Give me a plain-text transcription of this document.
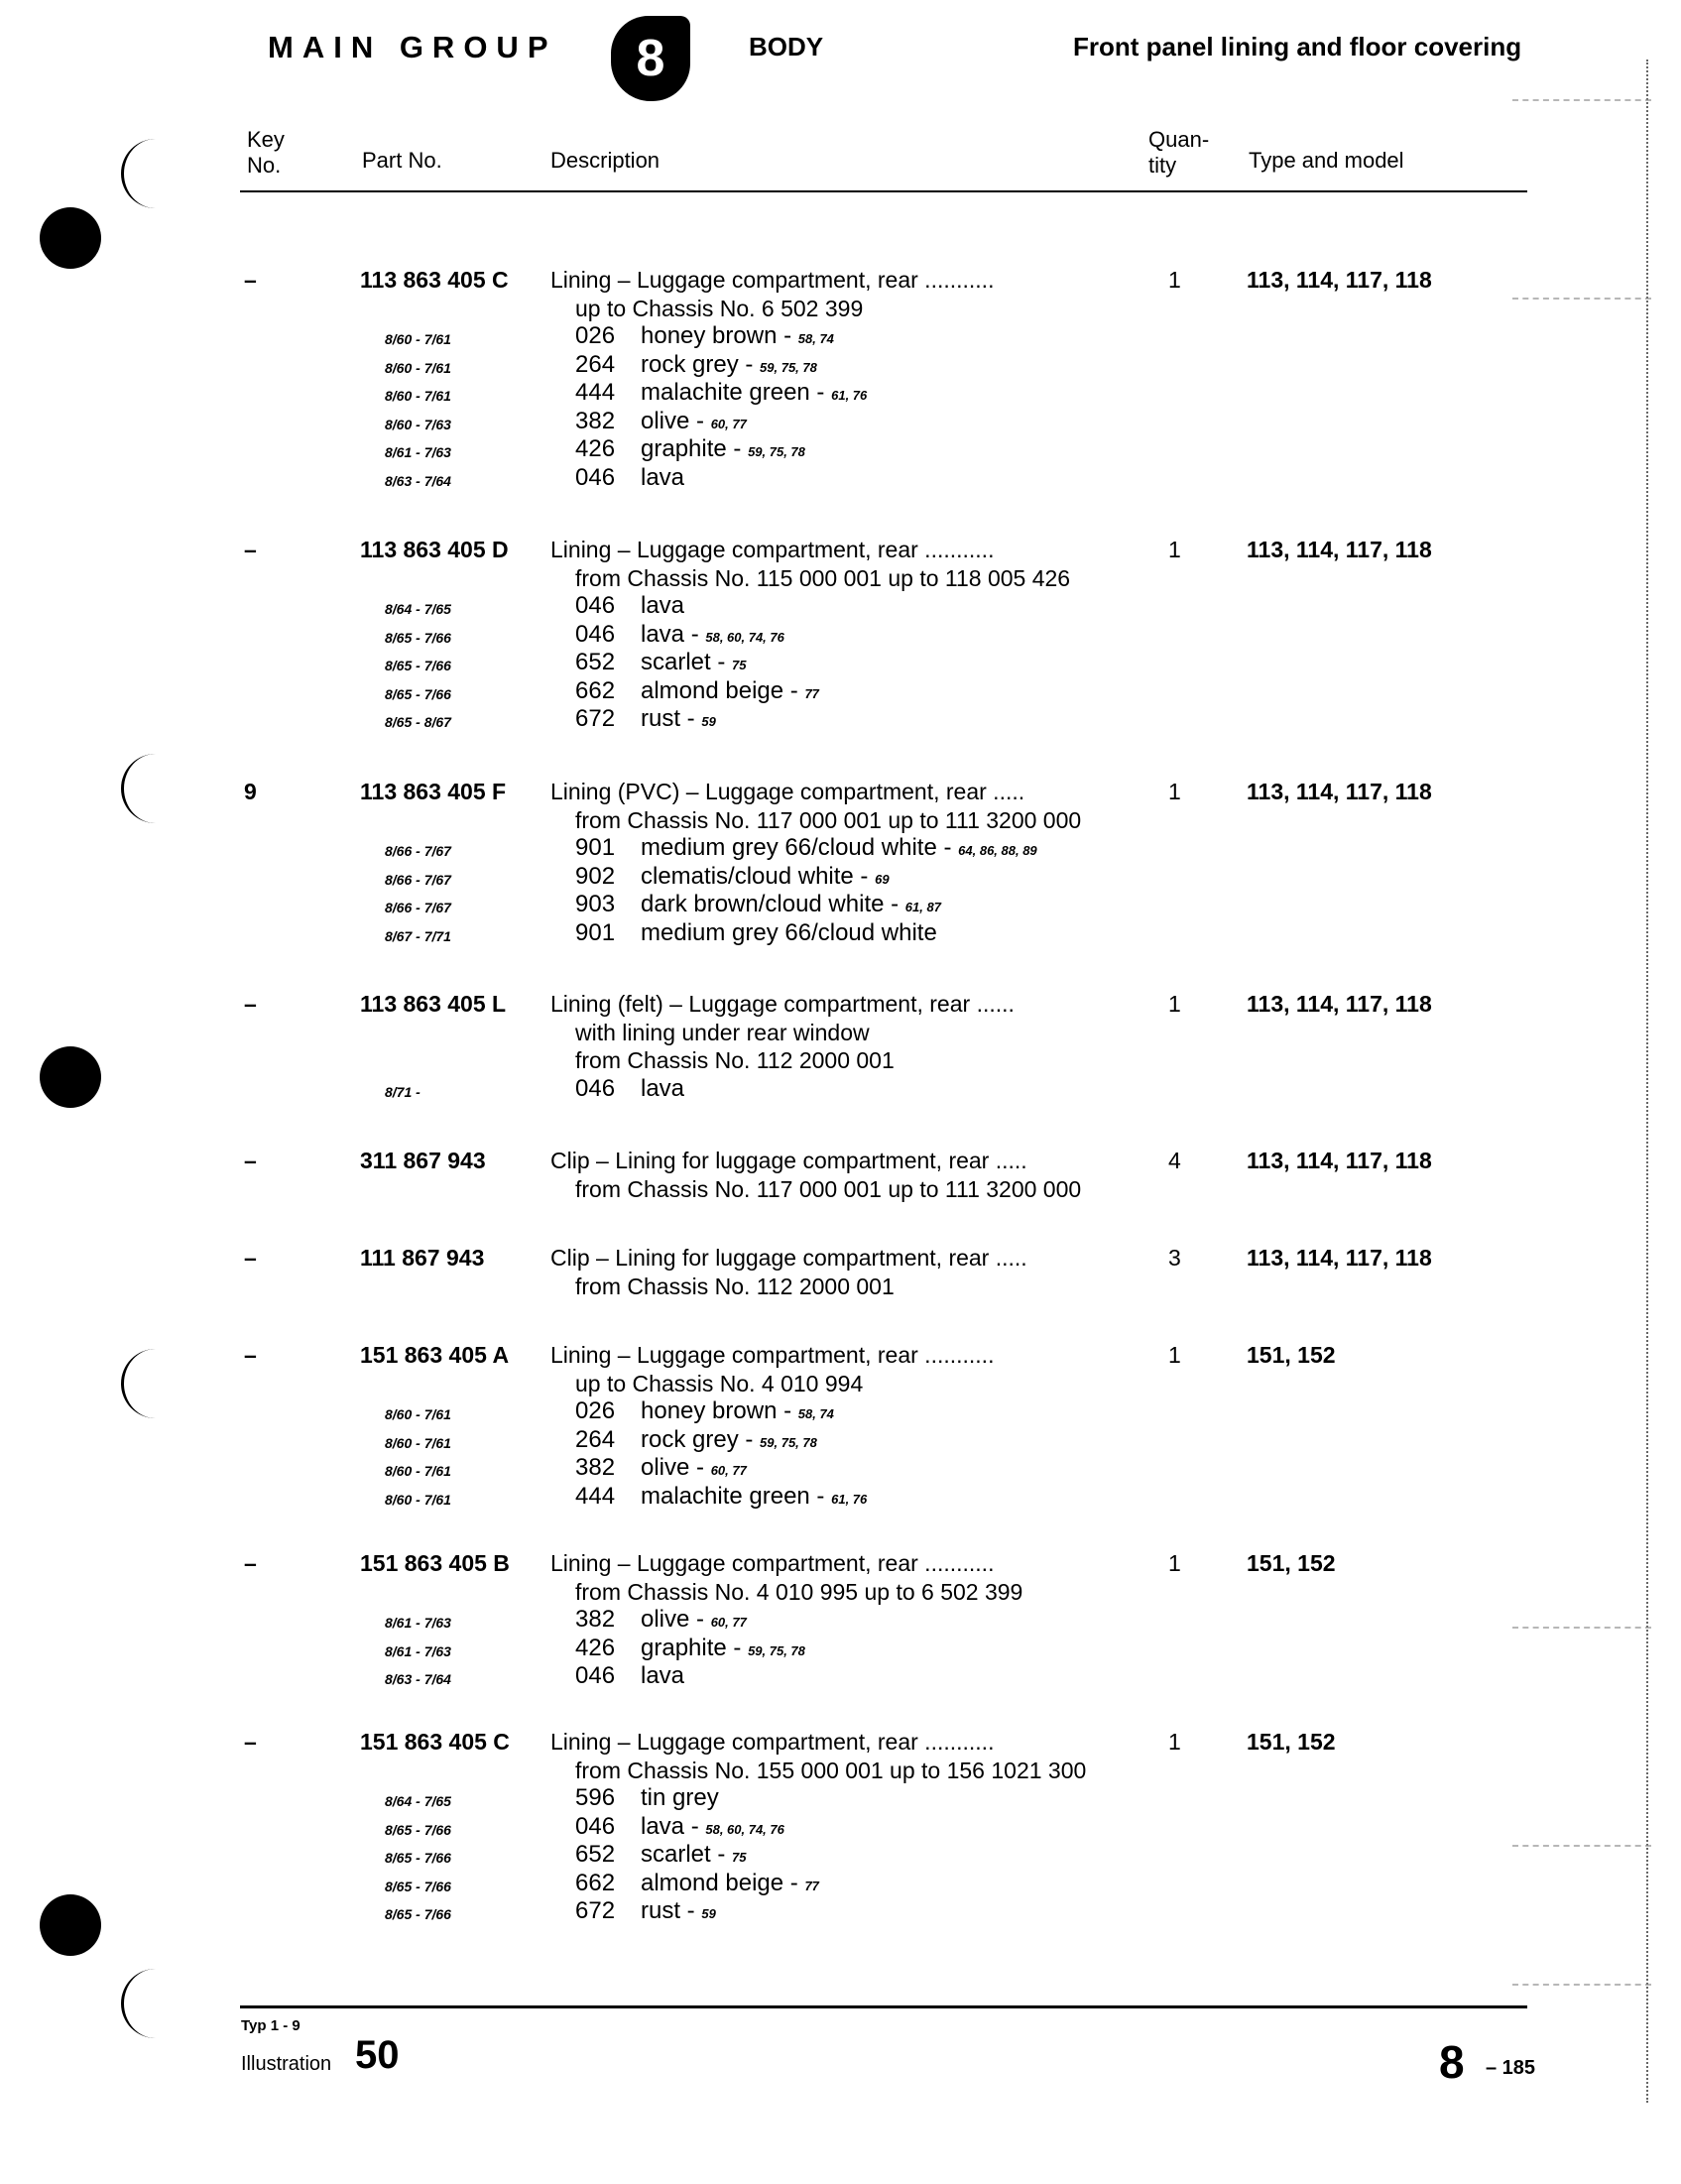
MAIN GROUP	8	BODY	Front panel lining and floor covering
Key No.	Part No.	Description
Quan- tity	Type and model
–	113 863 405 C Lining – Luggage compartment, rear ...........	1	113, 114, 117, 118
up to Chassis No. 6 502 399
8/60 - 7/61	026 honey brown - 58, 74
8/60 - 7/61	264 rock grey - 59, 75, 78
8/60 - 7/61	444 malachite green - 61, 76
8/60 - 7/63	382 olive - 60, 77
8/61 - 7/63	426 graphite - 59, 75, 78
8/63 - 7/64	046 lava
–	113 863 405 D Lining – Luggage compartment, rear ...........	1	113, 114, 117, 118
from Chassis No. 115 000 001 up to 118 005 426
8/64 - 7/65	046 lava
8/65 - 7/66	046 lava - 58, 60, 74, 76
8/65 - 7/66	652 scarlet - 75
8/65 - 7/66	662 almond beige - 77
8/65 - 8/67	672 rust - 59
9	113 863 405 F Lining (PVC) – Luggage compartment, rear .....	1	113, 114, 117, 118
from Chassis No. 117 000 001 up to 111 3200 000
8/66 - 7/67	901 medium grey 66/cloud white - 64, 86, 88, 89
8/66 - 7/67	902 clematis/cloud white - 69
8/66 - 7/67	903 dark brown/cloud white - 61, 87
8/67 - 7/71	901 medium grey 66/cloud white
–	113 863 405 L Lining (felt) – Luggage compartment, rear ......	1	113, 114, 117, 118
with lining under rear window
from Chassis No. 112 2000 001
8/71 -	046 lava
–	311 867 943	Clip – Lining for luggage compartment, rear .....	4	113, 114, 117, 118
from Chassis No. 117 000 001 up to 111 3200 000
–	111 867 943	Clip – Lining for luggage compartment, rear .....	3	113, 114, 117, 118
from Chassis No. 112 2000 001
–	151 863 405 A Lining – Luggage compartment, rear ...........	1	151, 152
up to Chassis No. 4 010 994
8/60 - 7/61	026 honey brown - 58, 74
8/60 - 7/61	264 rock grey - 59, 75, 78
8/60 - 7/61	382 olive - 60, 77
8/60 - 7/61	444 malachite green - 61, 76
–	151 863 405 B Lining – Luggage compartment, rear ...........	1	151, 152
from Chassis No. 4 010 995 up to 6 502 399
8/61 - 7/63	382 olive - 60, 77
8/61 - 7/63	426 graphite - 59, 75, 78
8/63 - 7/64	046 lava
–	151 863 405 C Lining – Luggage compartment, rear ...........	1	151, 152
from Chassis No. 155 000 001 up to 156 1021 300
8/64 - 7/65	596 tin grey
8/65 - 7/66	046 lava - 58, 60, 74, 76
8/65 - 7/66	652 scarlet - 75
8/65 - 7/66	662 almond beige - 77
8/65 - 7/66	672 rust - 59
Typ 1 - 9
Illustration 50	8 – 185
